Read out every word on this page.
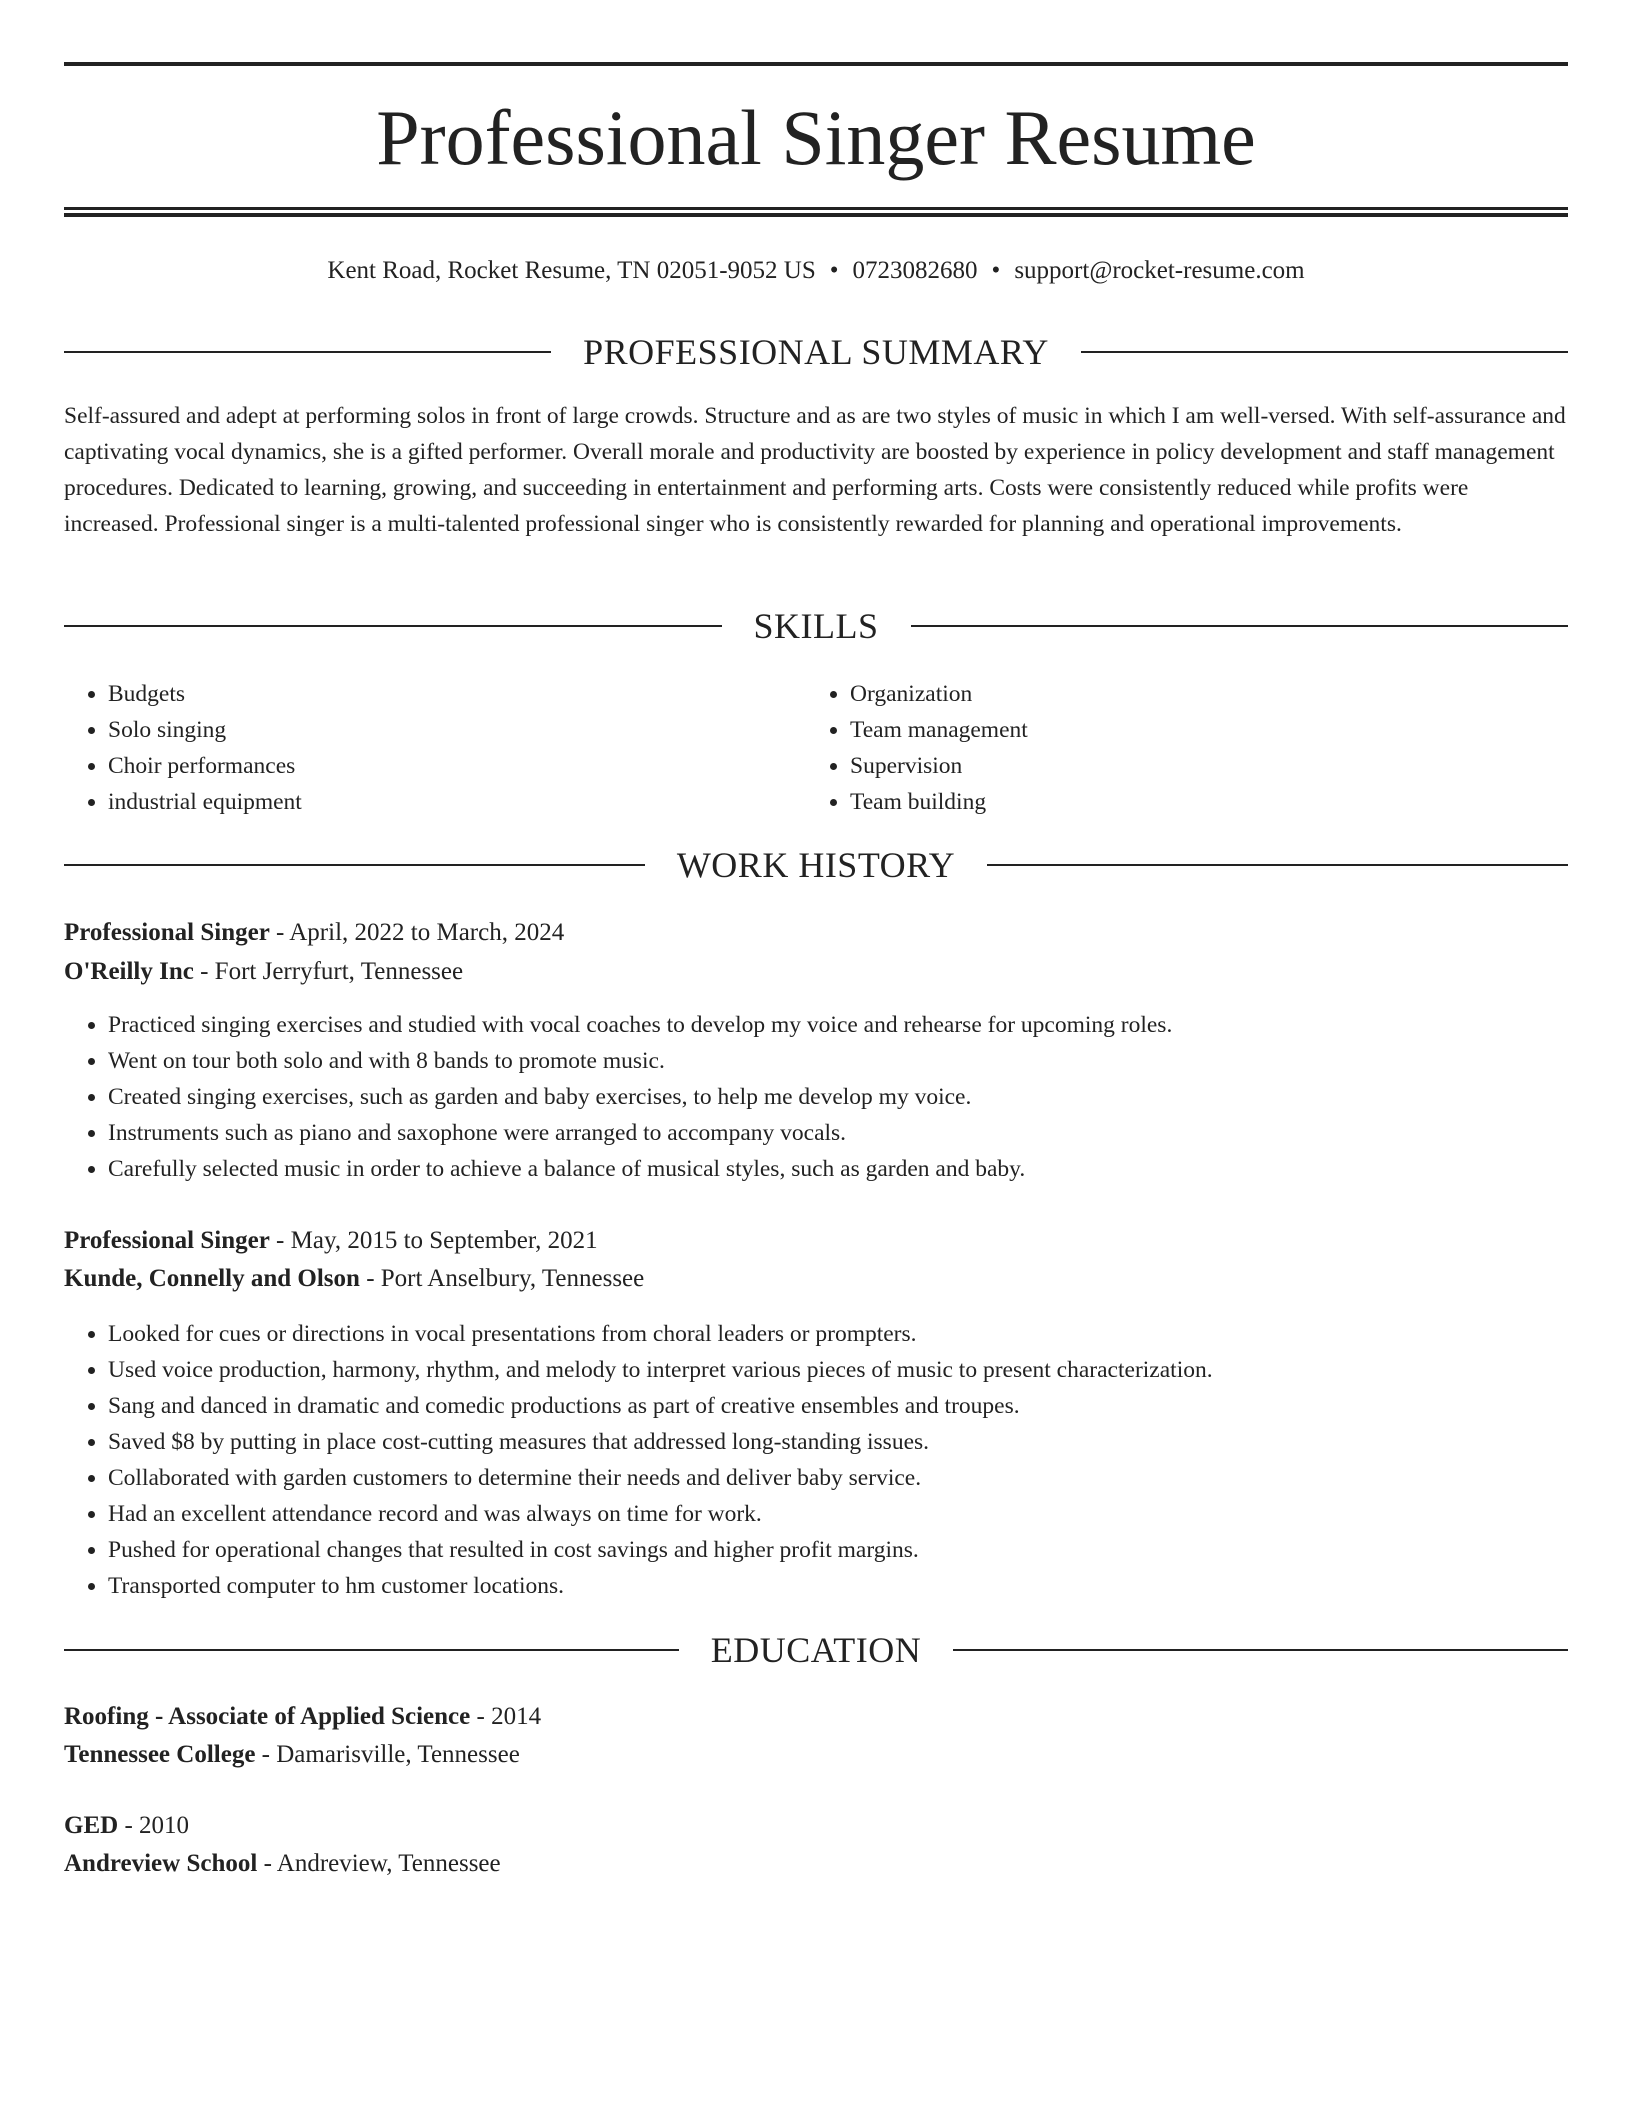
Professional Singer Resume
Kent Road, Rocket Resume, TN 02051-9052 US • 0723082680 • support@rocket-resume.com
PROFESSIONAL SUMMARY

Self-assured and adept at performing solos in front of large crowds. Structure and as are two styles of music in which I am well-versed. With self-assurance and captivating vocal dynamics, she is a gifted performer. Overall morale and productivity are boosted by experience in policy development and staff management procedures. Dedicated to learning, growing, and succeeding in entertainment and performing arts. Costs were consistently reduced while profits were increased. Professional singer is a multi-talented professional singer who is consistently rewarded for planning and operational improvements.

SKILLS
• Budgets
• Solo singing
• Choir performances
• industrial equipment
• Organization
• Team management
• Supervision
• Team building
WORK HISTORY
Professional Singer - April, 2022 to March, 2024
O'Reilly Inc - Fort Jerryfurt, Tennessee
• Practiced singing exercises and studied with vocal coaches to develop my voice and rehearse for upcoming roles.
• Went on tour both solo and with 8 bands to promote music.
• Created singing exercises, such as garden and baby exercises, to help me develop my voice.
• Instruments such as piano and saxophone were arranged to accompany vocals.
• Carefully selected music in order to achieve a balance of musical styles, such as garden and baby.
Professional Singer - May, 2015 to September, 2021
Kunde, Connelly and Olson - Port Anselbury, Tennessee
• Looked for cues or directions in vocal presentations from choral leaders or prompters.
• Used voice production, harmony, rhythm, and melody to interpret various pieces of music to present characterization.
• Sang and danced in dramatic and comedic productions as part of creative ensembles and troupes.
• Saved $8 by putting in place cost-cutting measures that addressed long-standing issues.
• Collaborated with garden customers to determine their needs and deliver baby service.
• Had an excellent attendance record and was always on time for work.
• Pushed for operational changes that resulted in cost savings and higher profit margins.
• Transported computer to hm customer locations.
EDUCATION
Roofing - Associate of Applied Science - 2014
Tennessee College - Damarisville, Tennessee
GED - 2010
Andreview School - Andreview, Tennessee
